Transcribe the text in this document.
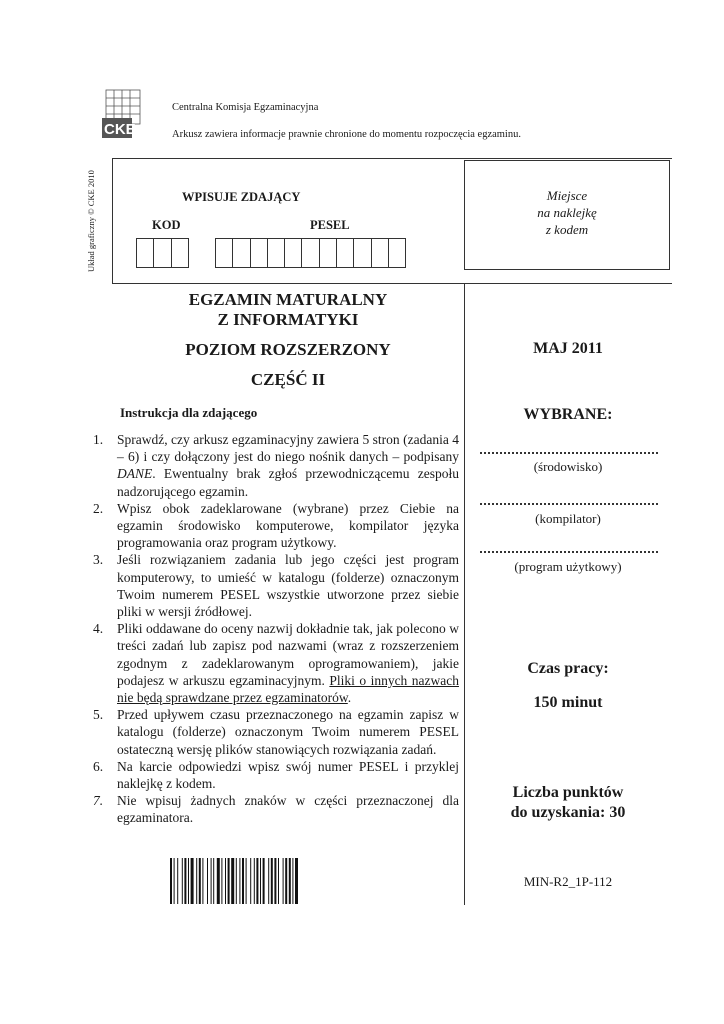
CKE
Centralna Komisja Egzaminacyjna
Arkusz zawiera informacje prawnie chronione do momentu rozpoczęcia egzaminu.
Układ graficzny © CKE 2010	WPISUJE ZDAJĄCY
KOD	PESEL
Miejsce
na naklejkę
z kodem
EGZAMIN MATURALNY
Z INFORMATYKI
POZIOM ROZSZERZONY
CZĘŚĆ II
Instrukcja dla zdającego
1.	Sprawdź, czy arkusz egzaminacyjny zawiera 5 stron (zadania 4 – 6) i czy dołączony jest do niego nośnik danych – podpisany DANE. Ewentualny brak zgłoś przewodniczącemu zespołu nadzorującego egzamin.
2.	Wpisz obok zadeklarowane (wybrane) przez Ciebie na egzamin środowisko komputerowe, kompilator języka programowania oraz program użytkowy.
3.	Jeśli rozwiązaniem zadania lub jego części jest program komputerowy, to umieść w katalogu (folderze) oznaczonym Twoim numerem PESEL wszystkie utworzone przez siebie pliki w wersji źródłowej.
4.	Pliki oddawane do oceny nazwij dokładnie tak, jak polecono w treści zadań lub zapisz pod nazwami (wraz z rozszerzeniem zgodnym z zadeklarowanym oprogramowaniem), jakie podajesz w arkuszu egzaminacyjnym. Pliki o innych nazwach nie będą sprawdzane przez egzaminatorów.
5.	Przed upływem czasu przeznaczonego na egzamin zapisz w katalogu (folderze) oznaczonym Twoim numerem PESEL ostateczną wersję plików stanowiących rozwiązania zadań.
6.	Na karcie odpowiedzi wpisz swój numer PESEL i przyklej naklejkę z kodem.
7.	Nie wpisuj żadnych znaków w części przeznaczonej dla egzaminatora.
MAJ 2011
WYBRANE:
(środowisko)
(kompilator)
(program użytkowy)
Czas pracy:
150 minut
Liczba punktów
do uzyskania: 30
MIN-R2_1P-112
